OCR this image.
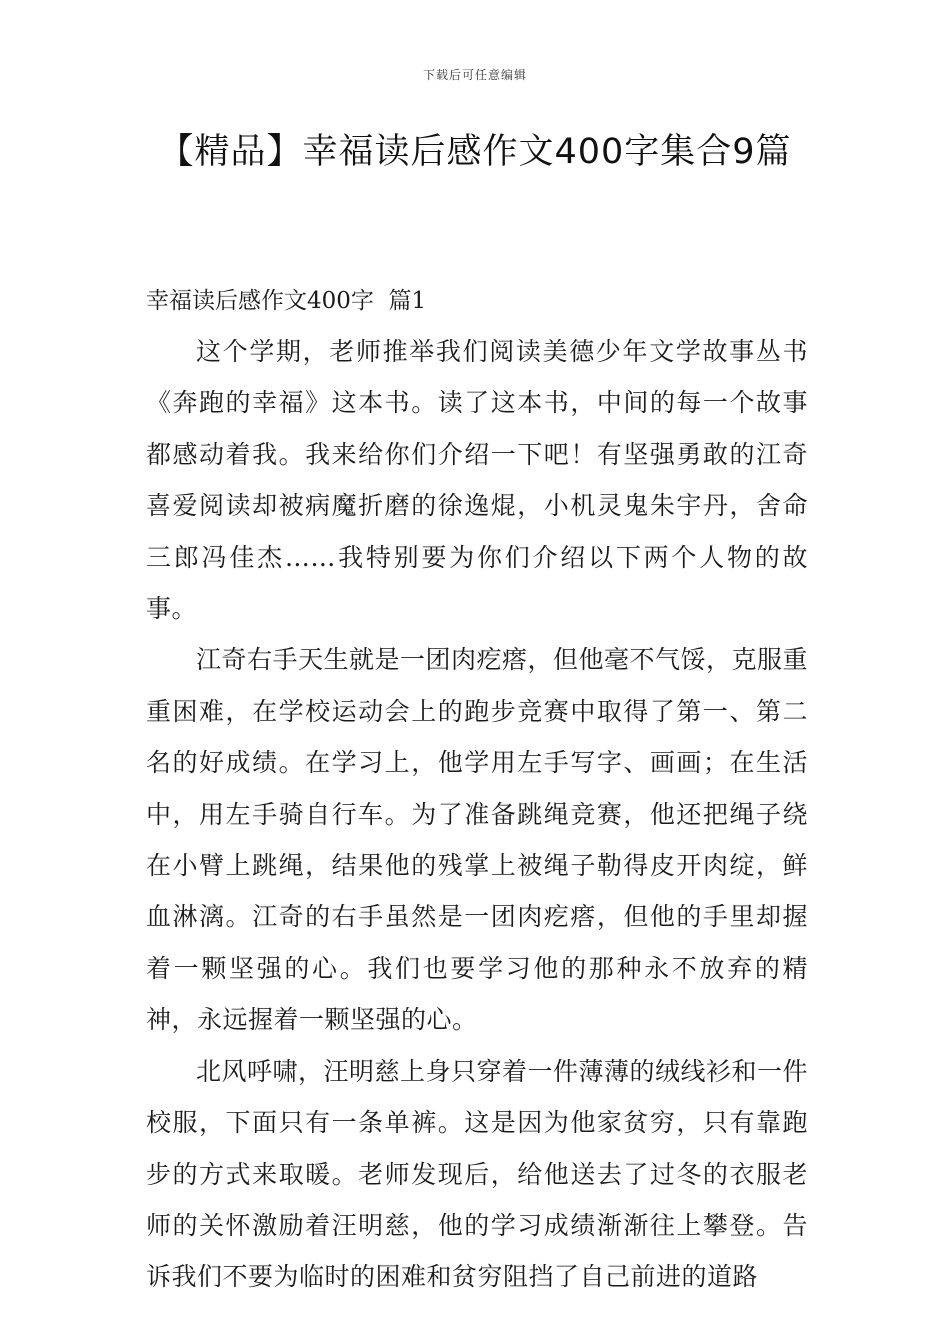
下载后可任意编辑
【精品】幸福读后感作文400字集合9篇
幸福读后感作文400字  篇1

这个学期，老师推举我们阅读美德少年文学故事丛书《奔跑的幸福》这本书。读了这本书，中间的每一个故事都感动着我。我来给你们介绍一下吧！有坚强勇敢的江奇喜爱阅读却被病魔折磨的徐逸焜，小机灵鬼朱宇丹，舍命三郎冯佳杰……我特别要为你们介绍以下两个人物的故事。

江奇右手天生就是一团肉疙瘩，但他毫不气馁，克服重重困难，在学校运动会上的跑步竞赛中取得了第一、第二名的好成绩。在学习上，他学用左手写字、画画；在生活中，用左手骑自行车。为了准备跳绳竞赛，他还把绳子绕在小臂上跳绳，结果他的残掌上被绳子勒得皮开肉绽，鲜血淋漓。江奇的右手虽然是一团肉疙瘩，但他的手里却握着一颗坚强的心。我们也要学习他的那种永不放弃的精神，永远握着一颗坚强的心。

北风呼啸，汪明慈上身只穿着一件薄薄的绒线衫和一件校服，下面只有一条单裤。这是因为他家贫穷，只有靠跑步的方式来取暖。老师发现后，给他送去了过冬的衣服老师的关怀激励着汪明慈，他的学习成绩渐渐往上攀登。告诉我们不要为临时的困难和贫穷阻挡了自己前进的道路
